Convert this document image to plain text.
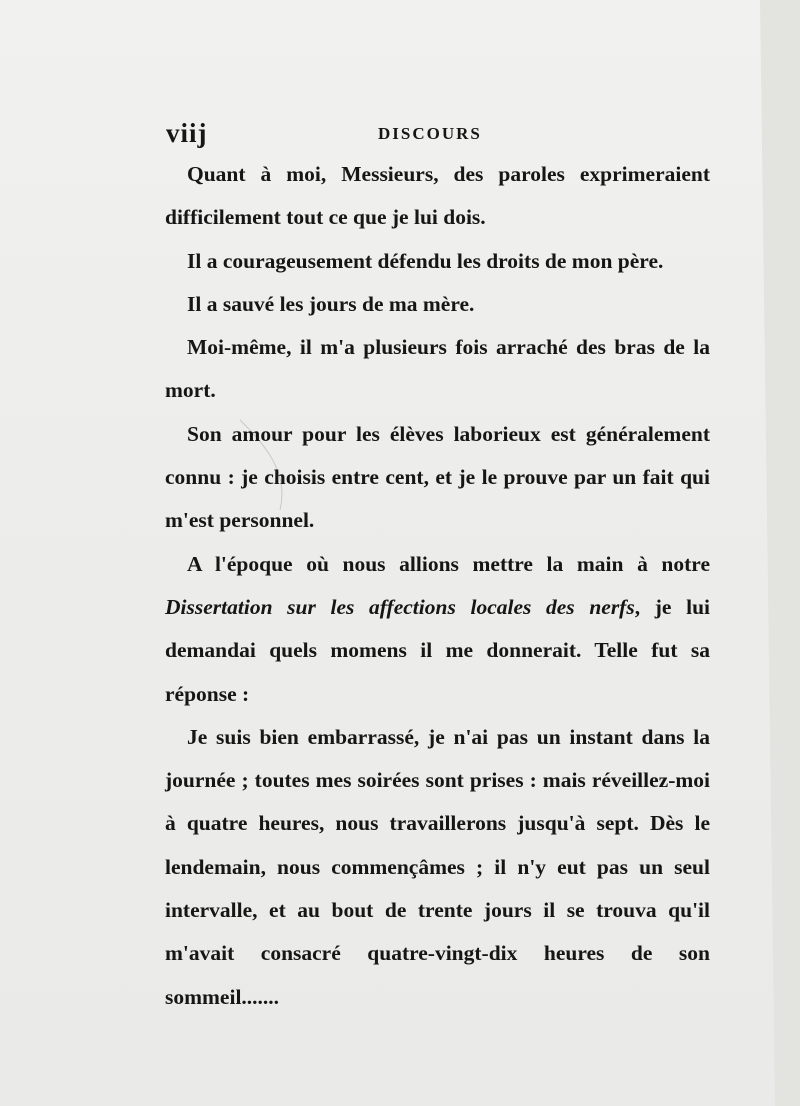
viij	DISCOURS

Quant à moi, Messieurs, des paroles exprimeraient difficilement tout ce que je lui dois.

Il a courageusement défendu les droits de mon père.

Il a sauvé les jours de ma mère.

Moi-même, il m'a plusieurs fois arraché des bras de la mort.

Son amour pour les élèves laborieux est généralement connu : je choisis entre cent, et je le prouve par un fait qui m'est personnel.

A l'époque où nous allions mettre la main à notre Dissertation sur les affections locales des nerfs, je lui demandai quels momens il me donnerait. Telle fut sa réponse :

Je suis bien embarrassé, je n'ai pas un instant dans la journée ; toutes mes soirées sont prises : mais réveillez-moi à quatre heures, nous travaillerons jusqu'à sept. Dès le lendemain, nous commençâmes ; il n'y eut pas un seul intervalle, et au bout de trente jours il se trouva qu'il m'avait consacré quatre-vingt-dix heures de son sommeil.......
